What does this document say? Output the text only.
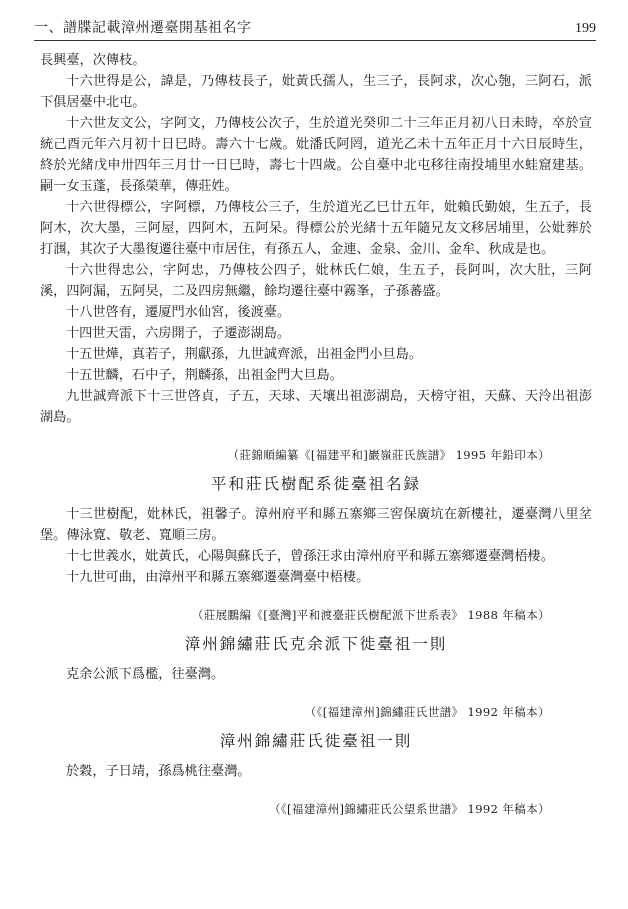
一、譜牒記載漳州遷臺開基祖名字	199

長興臺，次傳枝。

十六世得是公，諱是，乃傳枝長子，妣黃氏孺人，生三子，長阿求，次心匏，三阿石，派下俱居臺中北屯。

十六世友文公，字阿文，乃傳枝公次子，生於道光癸卯二十三年正月初八日未時，卒於宣統己酉元年六月初十日巳時。壽六十七歲。妣潘氏阿罔，道光乙未十五年正月十六日辰時生，終於光緒戊申卅四年三月廿一日巳時，壽七十四歲。公自臺中北屯移往南投埔里水蛙窟建基。嗣一女玉蓬，長孫榮華，傳莊姓。

十六世得標公，字阿標，乃傳枝公三子，生於道光乙巳廿五年，妣賴氏勤娘，生五子，長阿木，次大墨，三阿屋，四阿木，五阿呆。得標公於光緒十五年隨兄友文移居埔里，公妣葬於打涠，其次子大墨復遷往臺中市居住，有孫五人，金連、金泉、金川、金牟、秋成是也。

十六世得忠公，字阿忠，乃傳枝公四子，妣林氏仁娘，生五子，長阿叫，次大肚，三阿溪，四阿漏，五阿旲，二及四房無繼，餘均遷往臺中霧峯，子孫蕃盛。

十八世啓有，遷厦門水仙宮，後渡臺。

十四世天雷，六房開子，子遷澎湖島。

十五世燁，真若子，荆獻孫，九世誠齊派，出祖金門小旦島。

十五世麟，石中子，荆麟孫，出祖金門大旦島。

九世誠齊派下十三世啓貞，子五，天球、天壤出祖澎湖島，天榜守祖，天蘇、天泠出祖澎湖島。

（莊錦順編纂《[福建平和]巖嶺莊氏族譜》 1995 年鉛印本）
平和莊氏樹配系徙臺祖名録

十三世樹配，妣林氏，祖馨子。漳州府平和縣五寨鄉三窖保廣坑在新樓社，遷臺灣八里坌堡。傳泳寛、敬老、寬順三房。

十七世義水，妣黃氏，心陽與蘇氏子，曾孫汪求由漳州府平和縣五寨鄉遷臺灣梧棲。

十九世可曲，由漳州平和縣五寨鄉遷臺灣臺中梧棲。

（莊展鵬編《[臺灣]平和渡臺莊氏樹配派下世系表》 1988 年稿本）
漳州錦繡莊氏克余派下徙臺祖一則

克余公派下爲檻，往臺灣。

（《[福建漳州]錦繡莊氏世譜》 1992 年稿本）
漳州錦繡莊氏徙臺祖一則

於穀，子日靖，孫爲桃往臺灣。

（《[福建漳州]錦繡莊氏公望系世譜》 1992 年稿本）
